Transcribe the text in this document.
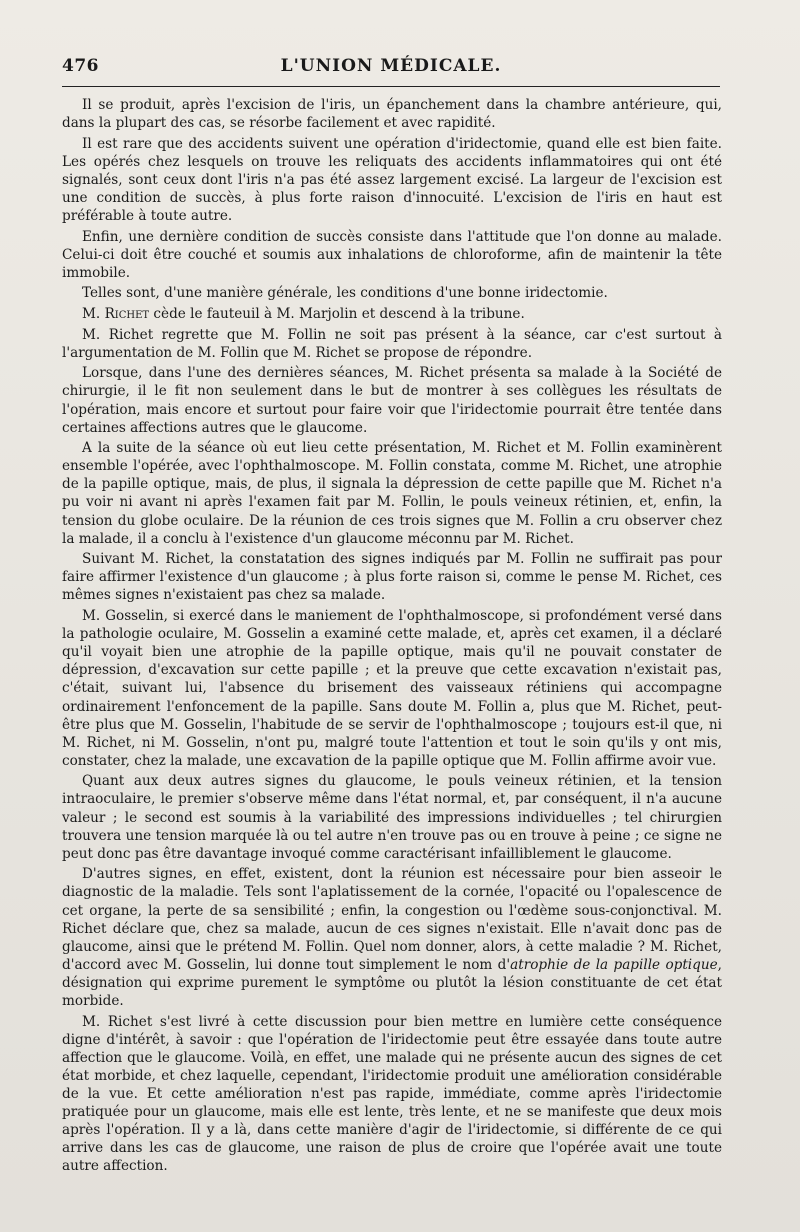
476	L'UNION MÉDICALE.

Il se produit, après l'excision de l'iris, un épanchement dans la chambre antérieure, qui, dans la plupart des cas, se résorbe facilement et avec rapidité.

Il est rare que des accidents suivent une opération d'iridectomie, quand elle est bien faite. Les opérés chez lesquels on trouve les reliquats des accidents inflammatoires qui ont été signalés, sont ceux dont l'iris n'a pas été assez largement excisé. La largeur de l'excision est une condition de succès, à plus forte raison d'innocuité. L'excision de l'iris en haut est préférable à toute autre.

Enfin, une dernière condition de succès consiste dans l'attitude que l'on donne au malade. Celui-ci doit être couché et soumis aux inhalations de chloroforme, afin de maintenir la tête immobile.

Telles sont, d'une manière générale, les conditions d'une bonne iridectomie.

M. Richet cède le fauteuil à M. Marjolin et descend à la tribune.

M. Richet regrette que M. Follin ne soit pas présent à la séance, car c'est surtout à l'argumentation de M. Follin que M. Richet se propose de répondre.

Lorsque, dans l'une des dernières séances, M. Richet présenta sa malade à la Société de chirurgie, il le fit non seulement dans le but de montrer à ses collègues les résultats de l'opération, mais encore et surtout pour faire voir que l'iridectomie pourrait être tentée dans certaines affections autres que le glaucome.

A la suite de la séance où eut lieu cette présentation, M. Richet et M. Follin examinèrent ensemble l'opérée, avec l'ophthalmoscope. M. Follin constata, comme M. Richet, une atrophie de la papille optique, mais, de plus, il signala la dépression de cette papille que M. Richet n'a pu voir ni avant ni après l'examen fait par M. Follin, le pouls veineux rétinien, et, enfin, la tension du globe oculaire. De la réunion de ces trois signes que M. Follin a cru observer chez la malade, il a conclu à l'existence d'un glaucome méconnu par M. Richet.

Suivant M. Richet, la constatation des signes indiqués par M. Follin ne suffirait pas pour faire affirmer l'existence d'un glaucome ; à plus forte raison si, comme le pense M. Richet, ces mêmes signes n'existaient pas chez sa malade.

M. Gosselin, si exercé dans le maniement de l'ophthalmoscope, si profondément versé dans la pathologie oculaire, M. Gosselin a examiné cette malade, et, après cet examen, il a déclaré qu'il voyait bien une atrophie de la papille optique, mais qu'il ne pouvait constater de dépression, d'excavation sur cette papille ; et la preuve que cette excavation n'existait pas, c'était, suivant lui, l'absence du brisement des vaisseaux rétiniens qui accompagne ordinairement l'enfoncement de la papille. Sans doute M. Follin a, plus que M. Richet, peut-être plus que M. Gosselin, l'habitude de se servir de l'ophthalmoscope ; toujours est-il que, ni M. Richet, ni M. Gosselin, n'ont pu, malgré toute l'attention et tout le soin qu'ils y ont mis, constater, chez la malade, une excavation de la papille optique que M. Follin affirme avoir vue.

Quant aux deux autres signes du glaucome, le pouls veineux rétinien, et la tension intraoculaire, le premier s'observe même dans l'état normal, et, par conséquent, il n'a aucune valeur ; le second est soumis à la variabilité des impressions individuelles ; tel chirurgien trouvera une tension marquée là ou tel autre n'en trouve pas ou en trouve à peine ; ce signe ne peut donc pas être davantage invoqué comme caractérisant infailliblement le glaucome.

D'autres signes, en effet, existent, dont la réunion est nécessaire pour bien asseoir le diagnostic de la maladie. Tels sont l'aplatissement de la cornée, l'opacité ou l'opalescence de cet organe, la perte de sa sensibilité ; enfin, la congestion ou l'œdème sous-conjonctival. M. Richet déclare que, chez sa malade, aucun de ces signes n'existait. Elle n'avait donc pas de glaucome, ainsi que le prétend M. Follin. Quel nom donner, alors, à cette maladie ? M. Richet, d'accord avec M. Gosselin, lui donne tout simplement le nom d'atrophie de la papille optique, désignation qui exprime purement le symptôme ou plutôt la lésion constituante de cet état morbide.

M. Richet s'est livré à cette discussion pour bien mettre en lumière cette conséquence digne d'intérêt, à savoir : que l'opération de l'iridectomie peut être essayée dans toute autre affection que le glaucome. Voilà, en effet, une malade qui ne présente aucun des signes de cet état morbide, et chez laquelle, cependant, l'iridectomie produit une amélioration considérable de la vue. Et cette amélioration n'est pas rapide, immédiate, comme après l'iridectomie pratiquée pour un glaucome, mais elle est lente, très lente, et ne se manifeste que deux mois après l'opération. Il y a là, dans cette manière d'agir de l'iridectomie, si différente de ce qui arrive dans les cas de glaucome, une raison de plus de croire que l'opérée avait une toute autre affection.
